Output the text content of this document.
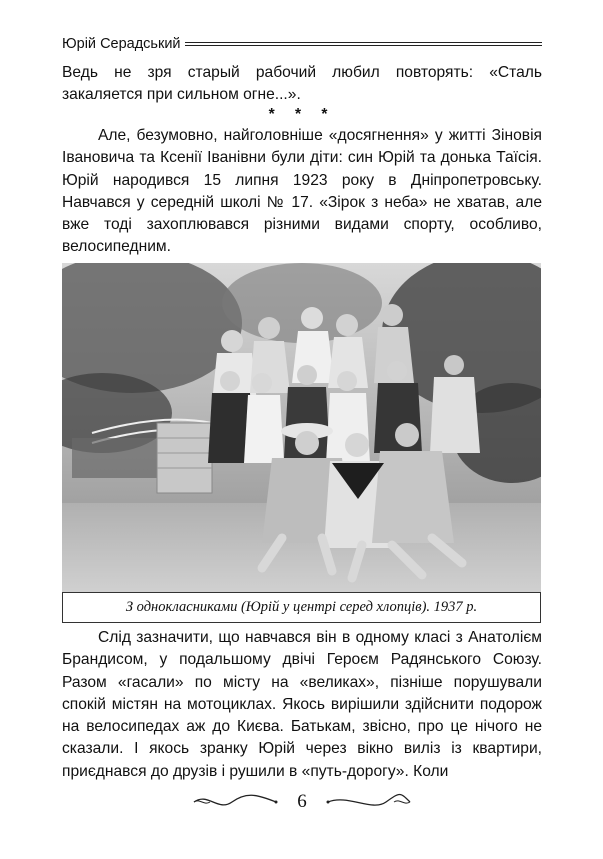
Юрій Серадський

Ведь не зря старый рабочий любил повторять: «Сталь закаляется при сильном огне...».

* * *

Але, безумовно, найголовніше «досягнення» у житті Зіновія Івановича та Ксенії Іванівни були діти: син Юрій та донька Таїсія. Юрій народився 15 липня 1923 року в Дніпропетровську. Навчався у середній школі № 17. «Зірок з неба» не хватав, але вже тоді захоплювався різними видами спорту, особливо, велосипедним.

З однокласниками (Юрій у центрі серед хлопців). 1937 р.

Слід зазначити, що навчався він в одному класі з Анатолієм Брандисом, у подальшому двічі Героєм Радянського Союзу. Разом «гасали» по місту на «великах», пізніше порушували спокій містян на мотоциклах. Якось вирішили здійснити подорож на велосипедах аж до Києва. Батькам, звісно, про це нічого не сказали. І якось зранку Юрій через вікно виліз із квартири, приєднався до друзів і рушили в «путь-дорогу». Коли

6
